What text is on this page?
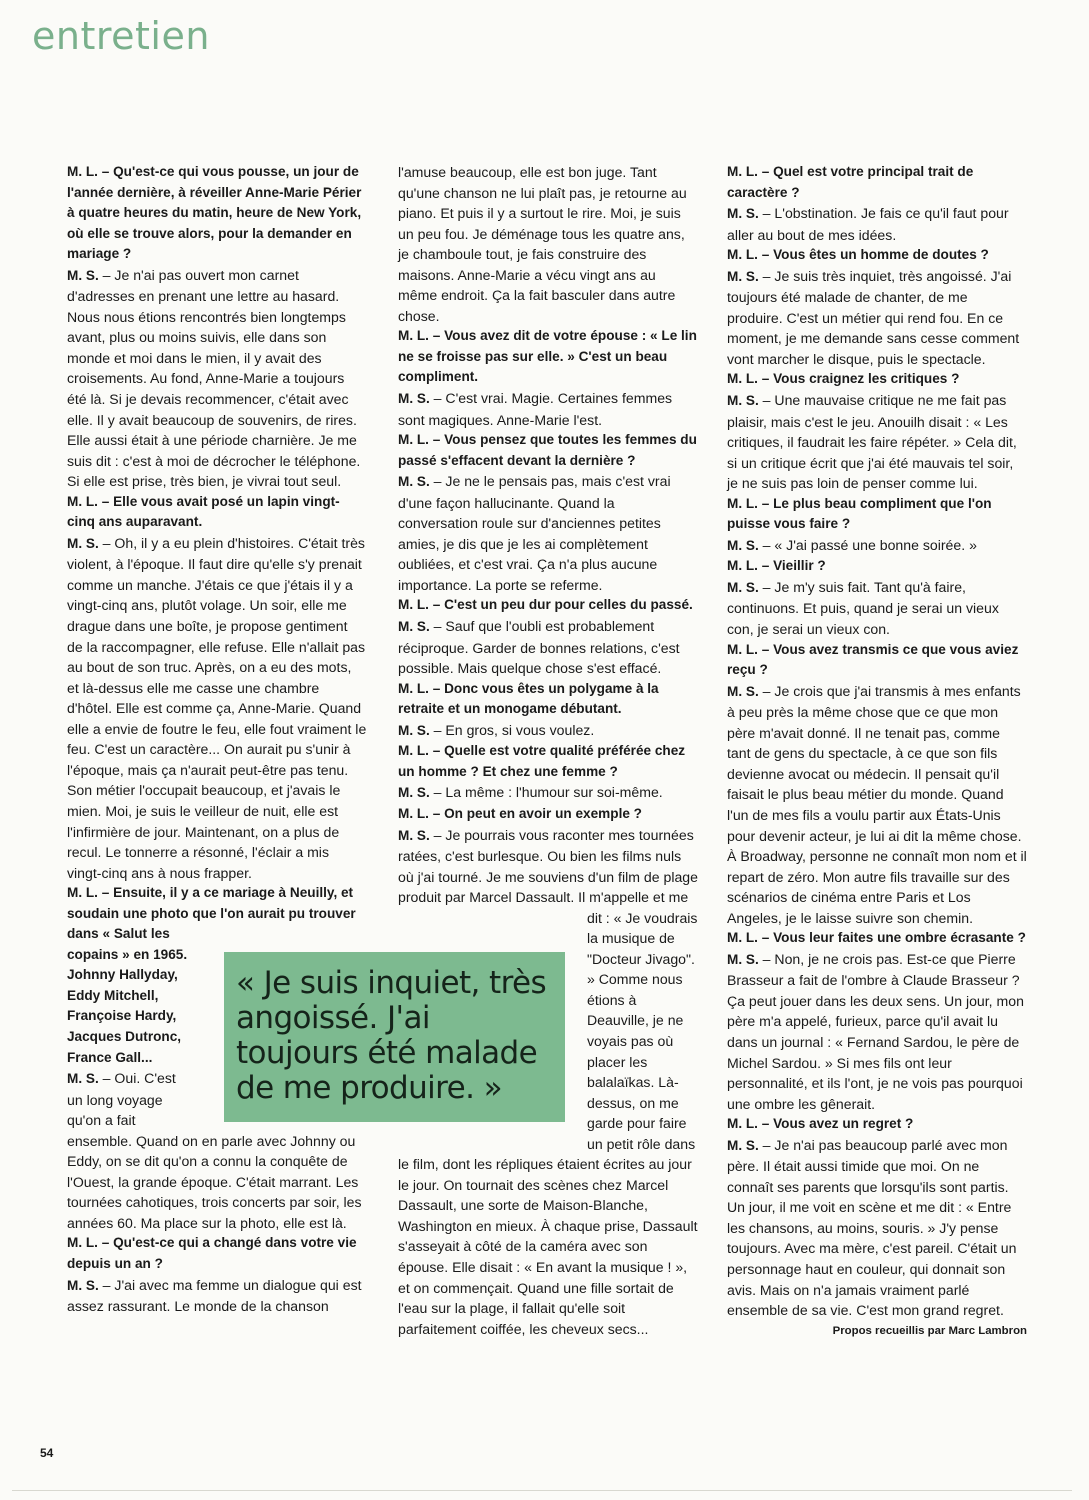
entretien

M. L. – Qu'est-ce qui vous pousse, un jour de l'année dernière, à réveiller Anne-Marie Périer à quatre heures du matin, heure de New York, où elle se trouve alors, pour la demander en mariage ?

M. S. – Je n'ai pas ouvert mon carnet d'adresses en prenant une lettre au hasard. Nous nous étions rencontrés bien longtemps avant, plus ou moins suivis, elle dans son monde et moi dans le mien, il y avait des croisements. Au fond, Anne-Marie a toujours été là. Si je devais recommencer, c'était avec elle. Il y avait beaucoup de souvenirs, de rires. Elle aussi était à une période charnière. Je me suis dit : c'est à moi de décrocher le téléphone. Si elle est prise, très bien, je vivrai tout seul.

M. L. – Elle vous avait posé un lapin vingt-cinq ans auparavant.

M. S. – Oh, il y a eu plein d'histoires. C'était très violent, à l'époque. Il faut dire qu'elle s'y prenait comme un manche. J'étais ce que j'étais il y a vingt-cinq ans, plutôt volage. Un soir, elle me drague dans une boîte, je propose gentiment de la raccompagner, elle refuse. Elle n'allait pas au bout de son truc. Après, on a eu des mots, et là-dessus elle me casse une chambre d'hôtel. Elle est comme ça, Anne-Marie. Quand elle a envie de foutre le feu, elle fout vraiment le feu. C'est un caractère... On aurait pu s'unir à l'époque, mais ça n'aurait peut-être pas tenu. Son métier l'occupait beaucoup, et j'avais le mien. Moi, je suis le veilleur de nuit, elle est l'infirmière de jour. Maintenant, on a plus de recul. Le tonnerre a résonné, l'éclair a mis vingt-cinq ans à nous frapper.

M. L. – Ensuite, il y a ce mariage à Neuilly, et soudain une photo que l'on aurait pu trouver dans « Salut les copains » en 1965. Johnny Hallyday, Eddy Mitchell, Françoise Hardy, Jacques Dutronc, France Gall...

M. S. – Oui. C'est un long voyage qu'on a fait ensemble. Quand on en parle avec Johnny ou Eddy, on se dit qu'on a connu la conquête de l'Ouest, la grande époque. C'était marrant. Les tournées cahotiques, trois concerts par soir, les années 60. Ma place sur la photo, elle est là.

M. L. – Qu'est-ce qui a changé dans votre vie depuis un an ?

M. S. – J'ai avec ma femme un dialogue qui est assez rassurant. Le monde de la chanson

l'amuse beaucoup, elle est bon juge. Tant qu'une chanson ne lui plaît pas, je retourne au piano. Et puis il y a surtout le rire. Moi, je suis un peu fou. Je déménage tous les quatre ans, je chamboule tout, je fais construire des maisons. Anne-Marie a vécu vingt ans au même endroit. Ça la fait basculer dans autre chose.

M. L. – Vous avez dit de votre épouse : « Le lin ne se froisse pas sur elle. » C'est un beau compliment.

M. S. – C'est vrai. Magie. Certaines femmes sont magiques. Anne-Marie l'est.

M. L. – Vous pensez que toutes les femmes du passé s'effacent devant la dernière ?

M. S. – Je ne le pensais pas, mais c'est vrai d'une façon hallucinante. Quand la conversation roule sur d'anciennes petites amies, je dis que je les ai complètement oubliées, et c'est vrai. Ça n'a plus aucune importance. La porte se referme.

M. L. – C'est un peu dur pour celles du passé.

M. S. – Sauf que l'oubli est probablement réciproque. Garder de bonnes relations, c'est possible. Mais quelque chose s'est effacé.

M. L. – Donc vous êtes un polygame à la retraite et un monogame débutant.

M. S. – En gros, si vous voulez.

M. L. – Quelle est votre qualité préférée chez un homme ? Et chez une femme ?

M. S. – La même : l'humour sur soi-même.

M. L. – On peut en avoir un exemple ?

M. S. – Je pourrais vous raconter mes tournées ratées, c'est burlesque. Ou bien les films nuls où j'ai tourné. Je me souviens d'un film de plage produit par Marcel Dassault. Il m'appelle et me dit : « Je voudrais la musique de "Docteur Jivago". » Comme nous étions à Deauville, je ne voyais pas où placer les balalaïkas. Là-dessus, on me garde pour faire un petit rôle dans le film, dont les répliques étaient écrites au jour le jour. On tournait des scènes chez Marcel Dassault, une sorte de Maison-Blanche, Washington en mieux. À chaque prise, Dassault s'asseyait à côté de la caméra avec son épouse. Elle disait : « En avant la musique ! », et on commençait. Quand une fille sortait de l'eau sur la plage, il fallait qu'elle soit parfaitement coiffée, les cheveux secs...

M. L. – Quel est votre principal trait de caractère ?

M. S. – L'obstination. Je fais ce qu'il faut pour aller au bout de mes idées.

M. L. – Vous êtes un homme de doutes ?

M. S. – Je suis très inquiet, très angoissé. J'ai toujours été malade de chanter, de me produire. C'est un métier qui rend fou. En ce moment, je me demande sans cesse comment vont marcher le disque, puis le spectacle.

M. L. – Vous craignez les critiques ?

M. S. – Une mauvaise critique ne me fait pas plaisir, mais c'est le jeu. Anouilh disait : « Les critiques, il faudrait les faire répéter. » Cela dit, si un critique écrit que j'ai été mauvais tel soir, je ne suis pas loin de penser comme lui.

M. L. – Le plus beau compliment que l'on puisse vous faire ?

M. S. – « J'ai passé une bonne soirée. »

M. L. – Vieillir ?

M. S. – Je m'y suis fait. Tant qu'à faire, continuons. Et puis, quand je serai un vieux con, je serai un vieux con.

M. L. – Vous avez transmis ce que vous aviez reçu ?

M. S. – Je crois que j'ai transmis à mes enfants à peu près la même chose que ce que mon père m'avait donné. Il ne tenait pas, comme tant de gens du spectacle, à ce que son fils devienne avocat ou médecin. Il pensait qu'il faisait le plus beau métier du monde. Quand l'un de mes fils a voulu partir aux États-Unis pour devenir acteur, je lui ai dit la même chose. À Broadway, personne ne connaît mon nom et il repart de zéro. Mon autre fils travaille sur des scénarios de cinéma entre Paris et Los Angeles, je le laisse suivre son chemin.

M. L. – Vous leur faites une ombre écrasante ?

M. S. – Non, je ne crois pas. Est-ce que Pierre Brasseur a fait de l'ombre à Claude Brasseur ? Ça peut jouer dans les deux sens. Un jour, mon père m'a appelé, furieux, parce qu'il avait lu dans un journal : « Fernand Sardou, le père de Michel Sardou. » Si mes fils ont leur personnalité, et ils l'ont, je ne vois pas pourquoi une ombre les gênerait.

M. L. – Vous avez un regret ?

M. S. – Je n'ai pas beaucoup parlé avec mon père. Il était aussi timide que moi. On ne connaît ses parents que lorsqu'ils sont partis. Un jour, il me voit en scène et me dit : « Entre les chansons, au moins, souris. » J'y pense toujours. Avec ma mère, c'est pareil. C'était un personnage haut en couleur, qui donnait son avis. Mais on n'a jamais vraiment parlé ensemble de sa vie. C'est mon grand regret.

Propos recueillis par Marc Lambron

« Je suis inquiet, très angoissé. J'ai toujours été malade de me produire. »
54
